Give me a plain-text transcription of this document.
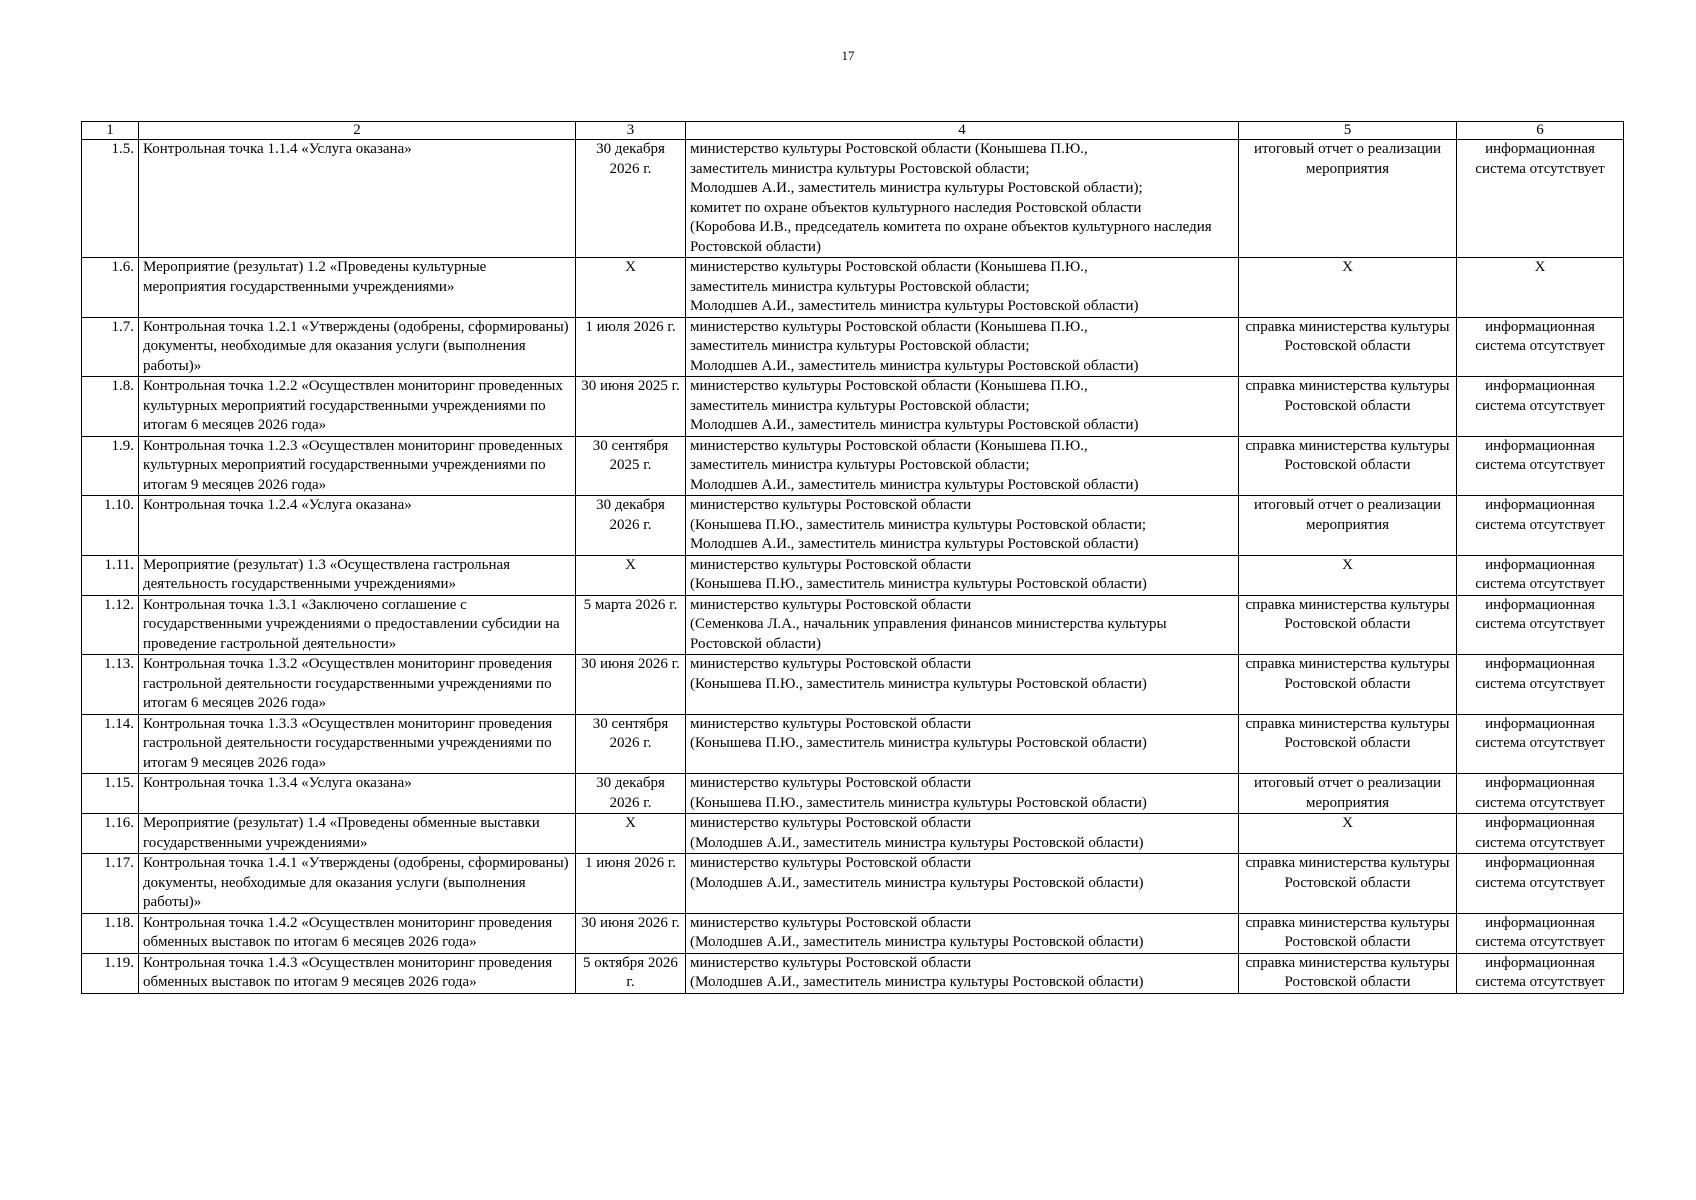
17
1	2	3	4	5	6
1.5.	Контрольная точка 1.1.4 «Услуга оказана»	30 декабря 2026 г.	министерство культуры Ростовской области (Конышева П.Ю.,
заместитель министра культуры Ростовской области;
Молодшев А.И., заместитель министра культуры Ростовской области);
комитет по охране объектов культурного наследия Ростовской области
(Коробова И.В., председатель комитета по охране объектов культурного наследия Ростовской области)	итоговый отчет о реализации мероприятия	информационная система отсутствует
1.6.	Мероприятие (результат) 1.2 «Проведены культурные мероприятия государственными учреждениями»	Х	министерство культуры Ростовской области (Конышева П.Ю.,
заместитель министра культуры Ростовской области;
Молодшев А.И., заместитель министра культуры Ростовской области)	Х	Х
1.7.	Контрольная точка 1.2.1 «Утверждены (одобрены, сформированы) документы, необходимые для оказания услуги (выполнения работы)»	1 июля 2026 г.	министерство культуры Ростовской области (Конышева П.Ю.,
заместитель министра культуры Ростовской области;
Молодшев А.И., заместитель министра культуры Ростовской области)	справка министерства культуры Ростовской области	информационная система отсутствует
1.8.	Контрольная точка 1.2.2 «Осуществлен мониторинг проведенных культурных мероприятий государственными учреждениями по итогам 6 месяцев 2026 года»	30 июня 2025 г.	министерство культуры Ростовской области (Конышева П.Ю.,
заместитель министра культуры Ростовской области;
Молодшев А.И., заместитель министра культуры Ростовской области)	справка министерства культуры Ростовской области	информационная система отсутствует
1.9.	Контрольная точка 1.2.3 «Осуществлен мониторинг проведенных культурных мероприятий государственными учреждениями по итогам 9 месяцев 2026 года»	30 сентября 2025 г.	министерство культуры Ростовской области (Конышева П.Ю.,
заместитель министра культуры Ростовской области;
Молодшев А.И., заместитель министра культуры Ростовской области)	справка министерства культуры Ростовской области	информационная система отсутствует
1.10.	Контрольная точка 1.2.4 «Услуга оказана»	30 декабря 2026 г.	министерство культуры Ростовской области
(Конышева П.Ю., заместитель министра культуры Ростовской области;
Молодшев А.И., заместитель министра культуры Ростовской области)	итоговый отчет о реализации мероприятия	информационная система отсутствует
1.11.	Мероприятие (результат) 1.3 «Осуществлена гастрольная деятельность государственными учреждениями»	Х	министерство культуры Ростовской области
(Конышева П.Ю., заместитель министра культуры Ростовской области)	Х	информационная система отсутствует
1.12.	Контрольная точка 1.3.1 «Заключено соглашение с государственными учреждениями о предоставлении субсидии на проведение гастрольной деятельности»	5 марта 2026 г.	министерство культуры Ростовской области
(Семенкова Л.А., начальник управления финансов министерства культуры Ростовской области)	справка министерства культуры Ростовской области	информационная система отсутствует
1.13.	Контрольная точка 1.3.2 «Осуществлен мониторинг проведения гастрольной деятельности государственными учреждениями по итогам 6 месяцев 2026 года»	30 июня 2026 г.	министерство культуры Ростовской области
(Конышева П.Ю., заместитель министра культуры Ростовской области)	справка министерства культуры Ростовской области	информационная система отсутствует
1.14.	Контрольная точка 1.3.3 «Осуществлен мониторинг проведения гастрольной деятельности государственными учреждениями по итогам 9 месяцев 2026 года»	30 сентября 2026 г.	министерство культуры Ростовской области
(Конышева П.Ю., заместитель министра культуры Ростовской области)	справка министерства культуры Ростовской области	информационная система отсутствует
1.15.	Контрольная точка 1.3.4 «Услуга оказана»	30 декабря 2026 г.	министерство культуры Ростовской области
(Конышева П.Ю., заместитель министра культуры Ростовской области)	итоговый отчет о реализации мероприятия	информационная система отсутствует
1.16.	Мероприятие (результат) 1.4 «Проведены обменные выставки государственными учреждениями»	Х	министерство культуры Ростовской области
(Молодшев А.И., заместитель министра культуры Ростовской области)	Х	информационная система отсутствует
1.17.	Контрольная точка 1.4.1 «Утверждены (одобрены, сформированы) документы, необходимые для оказания услуги (выполнения работы)»	1 июня 2026 г.	министерство культуры Ростовской области
(Молодшев А.И., заместитель министра культуры Ростовской области)	справка министерства культуры Ростовской области	информационная система отсутствует
1.18.	Контрольная точка 1.4.2 «Осуществлен мониторинг проведения обменных выставок по итогам 6 месяцев 2026 года»	30 июня 2026 г.	министерство культуры Ростовской области
(Молодшев А.И., заместитель министра культуры Ростовской области)	справка министерства культуры Ростовской области	информационная система отсутствует
1.19.	Контрольная точка 1.4.3 «Осуществлен мониторинг проведения обменных выставок по итогам 9 месяцев 2026 года»	5 октября 2026 г.	министерство культуры Ростовской области
(Молодшев А.И., заместитель министра культуры Ростовской области)	справка министерства культуры Ростовской области	информационная система отсутствует
